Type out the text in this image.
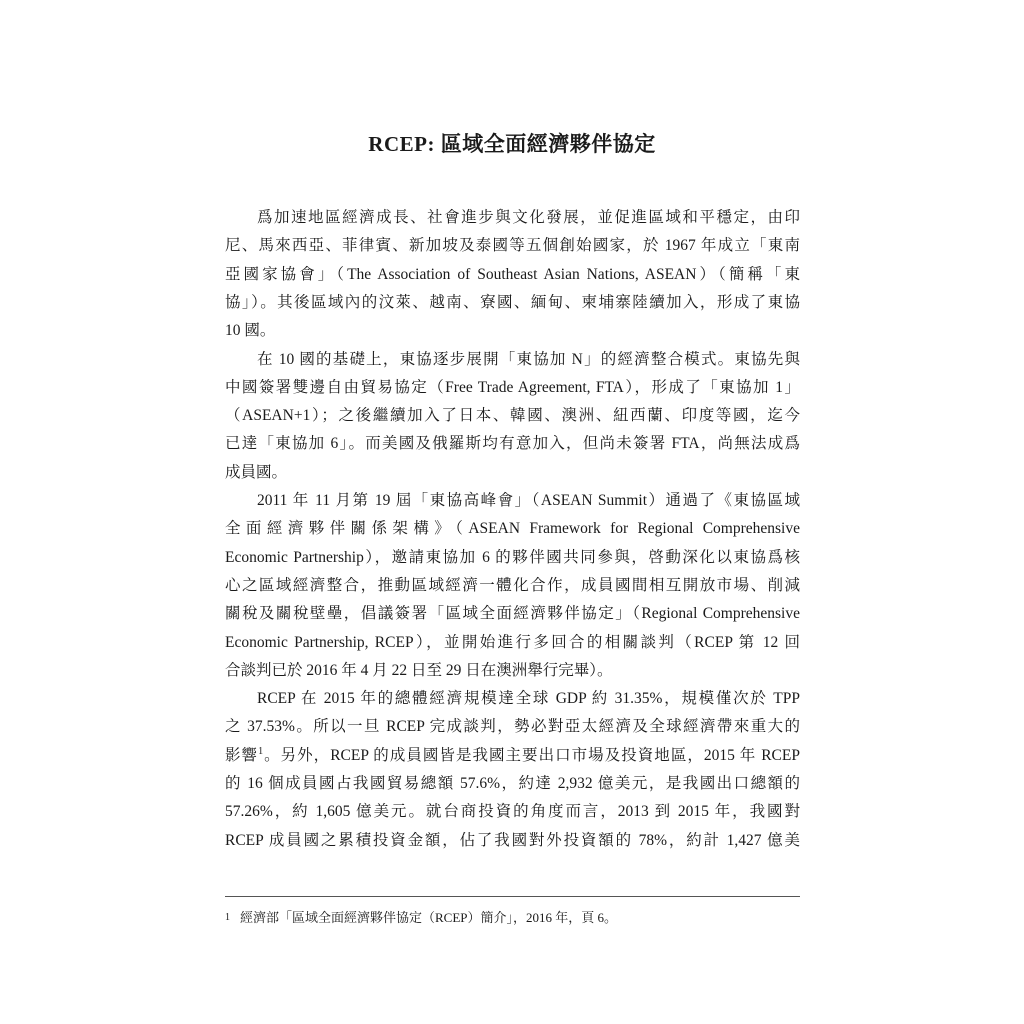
RCEP: 區域全面經濟夥伴協定
爲加速地區經濟成長、社會進步與文化發展，並促進區域和平穩定，由印
尼、馬來西亞、菲律賓、新加坡及泰國等五個創始國家，於 1967 年成立「東南
亞國家協會」（The Association of Southeast Asian Nations, ASEAN）（簡稱「東
協」）。其後區域內的汶萊、越南、寮國、緬甸、柬埔寨陸續加入，形成了東協
10 國。
在 10 國的基礎上，東協逐步展開「東協加 N」的經濟整合模式。東協先與
中國簽署雙邊自由貿易協定（Free Trade Agreement, FTA），形成了「東協加 1」
（ASEAN+1）；之後繼續加入了日本、韓國、澳洲、紐西蘭、印度等國，迄今
已達「東協加 6」。而美國及俄羅斯均有意加入，但尚未簽署 FTA，尚無法成爲
成員國。
2011 年 11 月第 19 屆「東協高峰會」（ASEAN Summit）通過了《東協區域
全面經濟夥伴關係架構》（ASEAN Framework for Regional Comprehensive
Economic Partnership），邀請東協加 6 的夥伴國共同參與，啓動深化以東協爲核
心之區域經濟整合，推動區域經濟一體化合作，成員國間相互開放市場、削減
關稅及關稅壁壘，倡議簽署「區域全面經濟夥伴協定」（Regional Comprehensive
Economic Partnership, RCEP），並開始進行多回合的相關談判（RCEP 第 12 回
合談判已於 2016 年 4 月 22 日至 29 日在澳洲舉行完畢）。
RCEP 在 2015 年的總體經濟規模達全球 GDP 約 31.35%，規模僅次於 TPP
之 37.53%。所以一旦 RCEP 完成談判，勢必對亞太經濟及全球經濟帶來重大的
影響$^1$。另外，RCEP 的成員國皆是我國主要出口市場及投資地區，2015 年 RCEP
的 16 個成員國占我國貿易總額 57.6%，約達 2,932 億美元，是我國出口總額的
57.26%，約 1,605 億美元。就台商投資的角度而言，2013 到 2015 年，我國對
RCEP 成員國之累積投資金額，佔了我國對外投資額的 78%，約計 1,427 億美
$^1$ 經濟部「區域全面經濟夥伴協定（RCEP）簡介」，2016 年，頁 6。
